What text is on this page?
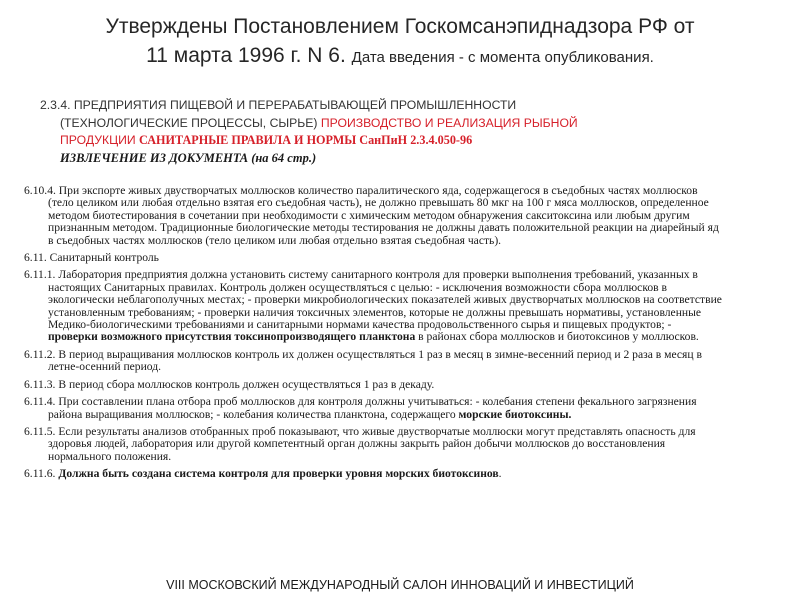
Утверждены Постановлением Госкомсанэпиднадзора РФ от
11 марта 1996 г. N 6. Дата введения - с момента опубликования.
2.3.4. ПРЕДПРИЯТИЯ ПИЩЕВОЙ И ПЕРЕРАБАТЫВАЮЩЕЙ ПРОМЫШЛЕННОСТИ
(ТЕХНОЛОГИЧЕСКИЕ ПРОЦЕССЫ, СЫРЬЕ) ПРОИЗВОДСТВО И РЕАЛИЗАЦИЯ РЫБНОЙ
ПРОДУКЦИИ САНИТАРНЫЕ ПРАВИЛА И НОРМЫ СанПиН 2.3.4.050-96
ИЗВЛЕЧЕНИЕ ИЗ ДОКУМЕНТА (на 64 стр.)

6.10.4. При экспорте живых двустворчатых моллюсков количество паралитического яда, содержащегося в съедобных частях моллюсков (тело целиком или любая отдельно взятая его съедобная часть), не должно превышать 80 мкг на 100 г мяса моллюсков, определенное методом биотестирования в сочетании при необходимости с химическим методом обнаружения сакситоксина или любым другим признанным методом. Традиционные биологические методы тестирования не должны давать положительной реакции на диарейный яд в съедобных частях моллюсков (тело целиком или любая отдельно взятая съедобная часть).

6.11. Санитарный контроль

6.11.1. Лаборатория предприятия должна установить систему санитарного контроля для проверки выполнения требований, указанных в настоящих Санитарных правилах. Контроль должен осуществляться с целью: - исключения возможности сбора моллюсков в экологически неблагополучных местах; - проверки микробиологических показателей живых двустворчатых моллюсков на соответствие установленным требованиям; - проверки наличия токсичных элементов, которые не должны превышать нормативы, установленные Медико-биологическими требованиями и санитарными нормами качества продовольственного сырья и пищевых продуктов; - проверки возможного присутствия токсинопроизводящего планктона в районах сбора моллюсков и биотоксинов у моллюсков.

6.11.2. В период выращивания моллюсков контроль их должен осуществляться 1 раз в месяц в зимне-весенний период и 2 раза в месяц в летне-осенний период.

6.11.3. В период сбора моллюсков контроль должен осуществляться 1 раз в декаду.

6.11.4. При составлении плана отбора проб моллюсков для контроля должны учитываться: - колебания степени фекального загрязнения района выращивания моллюсков; - колебания количества планктона, содержащего морские биотоксины.

6.11.5. Если результаты анализов отобранных проб показывают, что живые двустворчатые моллюски могут представлять опасность для здоровья людей, лаборатория или другой компетентный орган должны закрыть район добычи моллюсков до восстановления нормального положения.

6.11.6. Должна быть создана система контроля для проверки уровня морских биотоксинов.

VIII МОСКОВСКИЙ МЕЖДУНАРОДНЫЙ САЛОН ИННОВАЦИЙ И ИНВЕСТИЦИЙ
